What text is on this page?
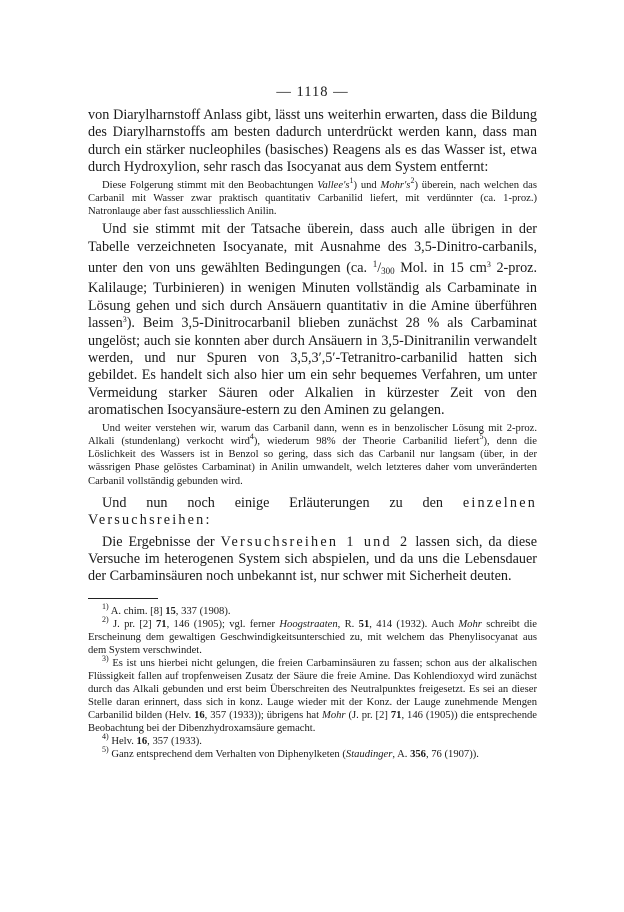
— 1118 —

von Diarylharnstoff Anlass gibt, lässt uns weiterhin erwarten, dass die Bildung des Diarylharnstoffs am besten dadurch unterdrückt werden kann, dass man durch ein stärker nucleophiles (basisches) Reagens als es das Wasser ist, etwa durch Hydroxylion, sehr rasch das Isocyanat aus dem System entfernt:

Diese Folgerung stimmt mit den Beobachtungen $Vallee's^1$) und $Mohr's^2$) überein, nach welchen das Carbanil mit Wasser zwar praktisch quantitativ Carbanilid liefert, mit verdünnter (ca. 1-proz.) Natronlauge aber fast ausschliesslich Anilin.

Und sie stimmt mit der Tatsache überein, dass auch alle übrigen in der Tabelle verzeichneten Isocyanate, mit Ausnahme des 3,5-Dinitro-carbanils, unter den von uns gewählten Bedingungen (ca. $^1$/300 Mol. in 15 $cm^3$ 2-proz. Kalilauge; Turbinieren) in wenigen Minuten vollständig als Carbaminate in Lösung gehen und sich durch Ansäuern quantitativ in die Amine überführen lassen$^3$). Beim 3,5-Dinitrocarbanil blieben zunächst 28 % als Carbaminat ungelöst; auch sie konnten aber durch Ansäuern in 3,5-Dinitranilin verwandelt werden, und nur Spuren von 3,5,3′,5′-Tetranitro-carbanilid hatten sich gebildet. Es handelt sich also hier um ein sehr bequemes Verfahren, um unter Vermeidung starker Säuren oder Alkalien in kürzester Zeit von den aromatischen Isocyansäure-estern zu den Aminen zu gelangen.

Und weiter verstehen wir, warum das Carbanil dann, wenn es in benzolischer Lösung mit 2-proz. Alkali (stundenlang) verkocht wird$^4$), wiederum 98% der Theorie Carbanilid liefert$^5$), denn die Löslichkeit des Wassers ist in Benzol so gering, dass sich das Carbanil nur langsam (über, in der wässrigen Phase gelöstes Carbaminat) in Anilin umwandelt, welch letzteres daher vom unveränderten Carbanil vollständig gebunden wird.

Und nun noch einige Erläuterungen zu den einzelnen Versuchsreihen:

Die Ergebnisse der Versuchsreihen 1 und 2 lassen sich, da diese Versuche im heterogenen System sich abspielen, und da uns die Lebensdauer der Carbaminsäuren noch unbekannt ist, nur schwer mit Sicherheit deuten.

$^{1)}$ A. chim. [8] 15, 337 (1908).

$^{2)}$ J. pr. [2] 71, 146 (1905); vgl. ferner Hoogstraaten, R. 51, 414 (1932). Auch Mohr schreibt die Erscheinung dem gewaltigen Geschwindigkeitsunterschied zu, mit welchem das Phenylisocyanat aus dem System verschwindet.

$^{3)}$ Es ist uns hierbei nicht gelungen, die freien Carbaminsäuren zu fassen; schon aus der alkalischen Flüssigkeit fallen auf tropfenweisen Zusatz der Säure die freie Amine. Das Kohlendioxyd wird zunächst durch das Alkali gebunden und erst beim Überschreiten des Neutralpunktes freigesetzt. Es sei an dieser Stelle daran erinnert, dass sich in konz. Lauge wieder mit der Konz. der Lauge zunehmende Mengen Carbanilid bilden (Helv. 16, 357 (1933)); übrigens hat Mohr (J. pr. [2] 71, 146 (1905)) die entsprechende Beobachtung bei der Dibenzhydroxamsäure gemacht.

$^{4)}$ Helv. 16, 357 (1933).

$^{5)}$ Ganz entsprechend dem Verhalten von Diphenylketen (Staudinger, A. 356, 76 (1907)).
